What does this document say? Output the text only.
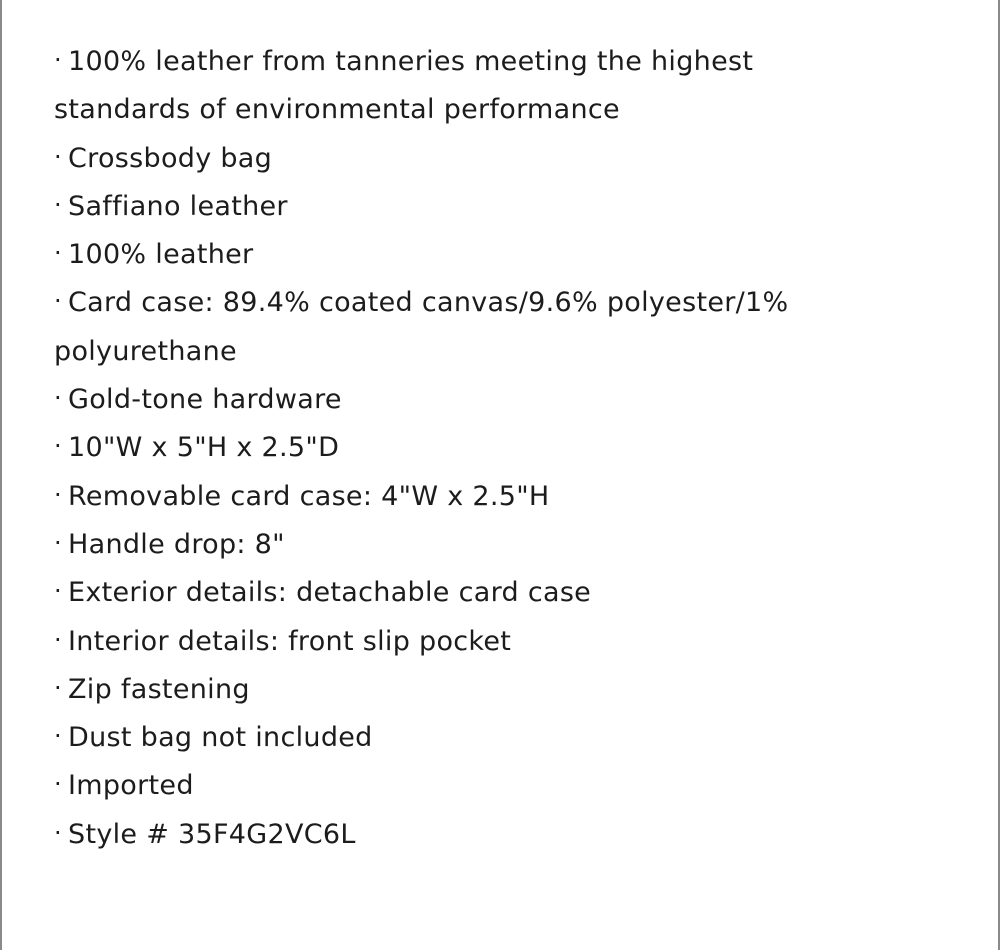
· 100% leather from tanneries meeting the highest standards of environmental performance
· Crossbody bag
· Saffiano leather
· 100% leather
· Card case: 89.4% coated canvas/9.6% polyester/1% polyurethane
· Gold-tone hardware
· 10"W x 5"H x 2.5"D
· Removable card case: 4"W x 2.5"H
· Handle drop: 8"
· Exterior details: detachable card case
· Interior details: front slip pocket
· Zip fastening
· Dust bag not included
· Imported
· Style # 35F4G2VC6L
